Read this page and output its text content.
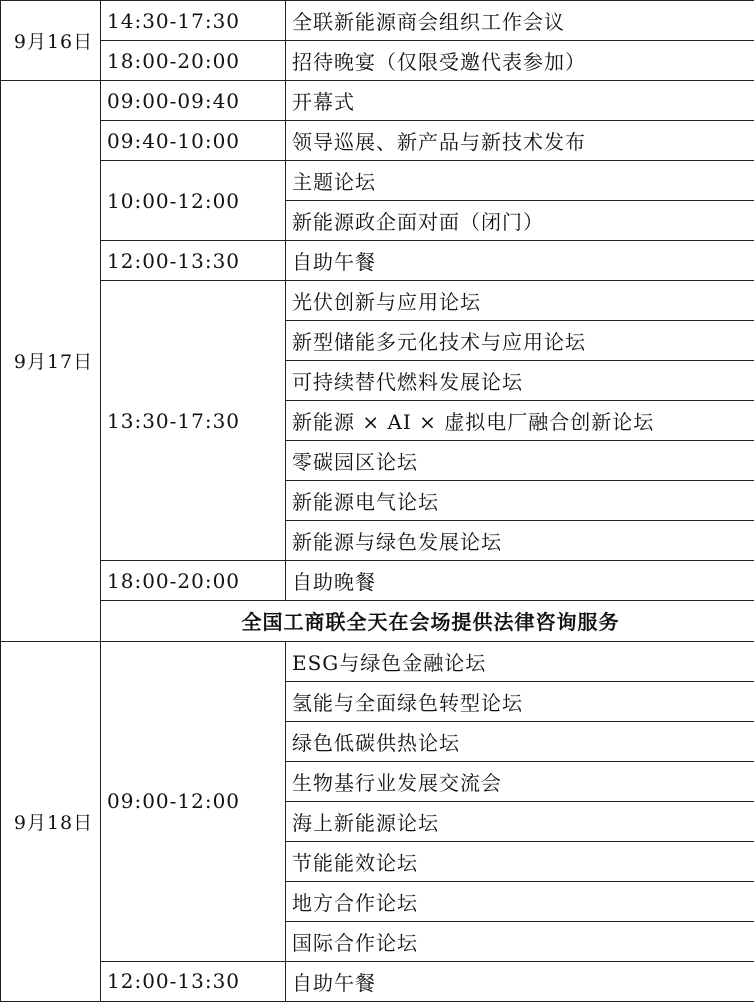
9月16日	14:30-17:30	全联新能源商会组织工作会议
	18:00-20:00	招待晚宴（仅限受邀代表参加）
9月17日	09:00-09:40	开幕式
	09:40-10:00	领导巡展、新产品与新技术发布
	10:00-12:00	主题论坛
		新能源政企面对面（闭门）
	12:00-13:30	自助午餐
	13:30-17:30	光伏创新与应用论坛
		新型储能多元化技术与应用论坛
		可持续替代燃料发展论坛
		新能源 × AI × 虚拟电厂融合创新论坛
		零碳园区论坛
		新能源电气论坛
		新能源与绿色发展论坛
	18:00-20:00	自助晚餐
	全国工商联全天在会场提供法律咨询服务	
9月18日	09:00-12:00	ESG与绿色金融论坛
		氢能与全面绿色转型论坛
		绿色低碳供热论坛
		生物基行业发展交流会
		海上新能源论坛
		节能能效论坛
		地方合作论坛
		国际合作论坛
	12:00-13:30	自助午餐
